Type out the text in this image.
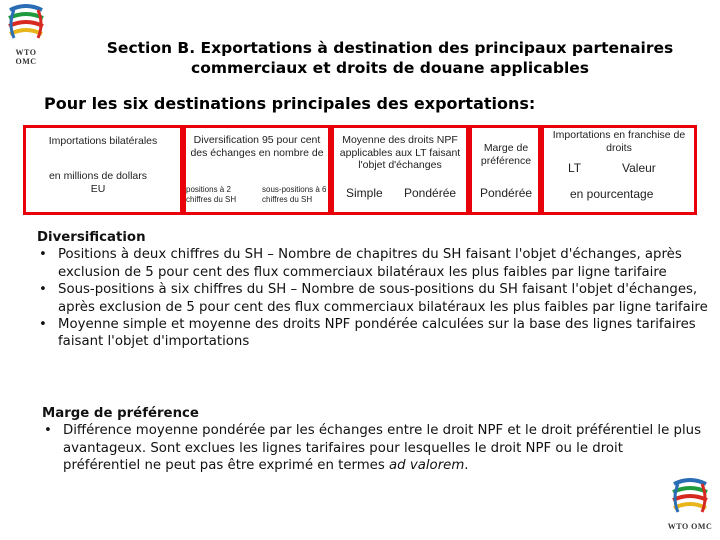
WTO OMC
Section B. Exportations à destination des principaux partenaires
commerciaux et droits de douane applicables
Pour les six destinations principales des exportations:
Importations bilatérales
en millions de dollars EU
Diversification 95 pour cent des échanges en nombre de
positions à 2 chiffres du SH
sous-positions à 6 chiffres du SH
Moyenne des droits NPF applicables aux LT faisant l'objet d'échanges
Simple Pondérée
Marge de préférence
Pondérée
Importations en franchise de droits
LT	Valeur
en pourcentage
Diversification
• Positions à deux chiffres du SH – Nombre de chapitres du SH faisant l'objet d'échanges, après exclusion de 5 pour cent des flux commerciaux bilatéraux les plus faibles par ligne tarifaire
• Sous-positions à six chiffres du SH – Nombre de sous-positions du SH faisant l'objet d'échanges, après exclusion de 5 pour cent des flux commerciaux bilatéraux les plus faibles par ligne tarifaire
• Moyenne simple et moyenne des droits NPF pondérée calculées sur la base des lignes tarifaires faisant l'objet d'importations
Marge de préférence
• Différence moyenne pondérée par les échanges entre le droit NPF et le droit préférentiel le plus avantageux. Sont exclues les lignes tarifaires pour lesquelles le droit NPF ou le droit préférentiel ne peut pas être exprimé en termes ad valorem.
WTO OMC
